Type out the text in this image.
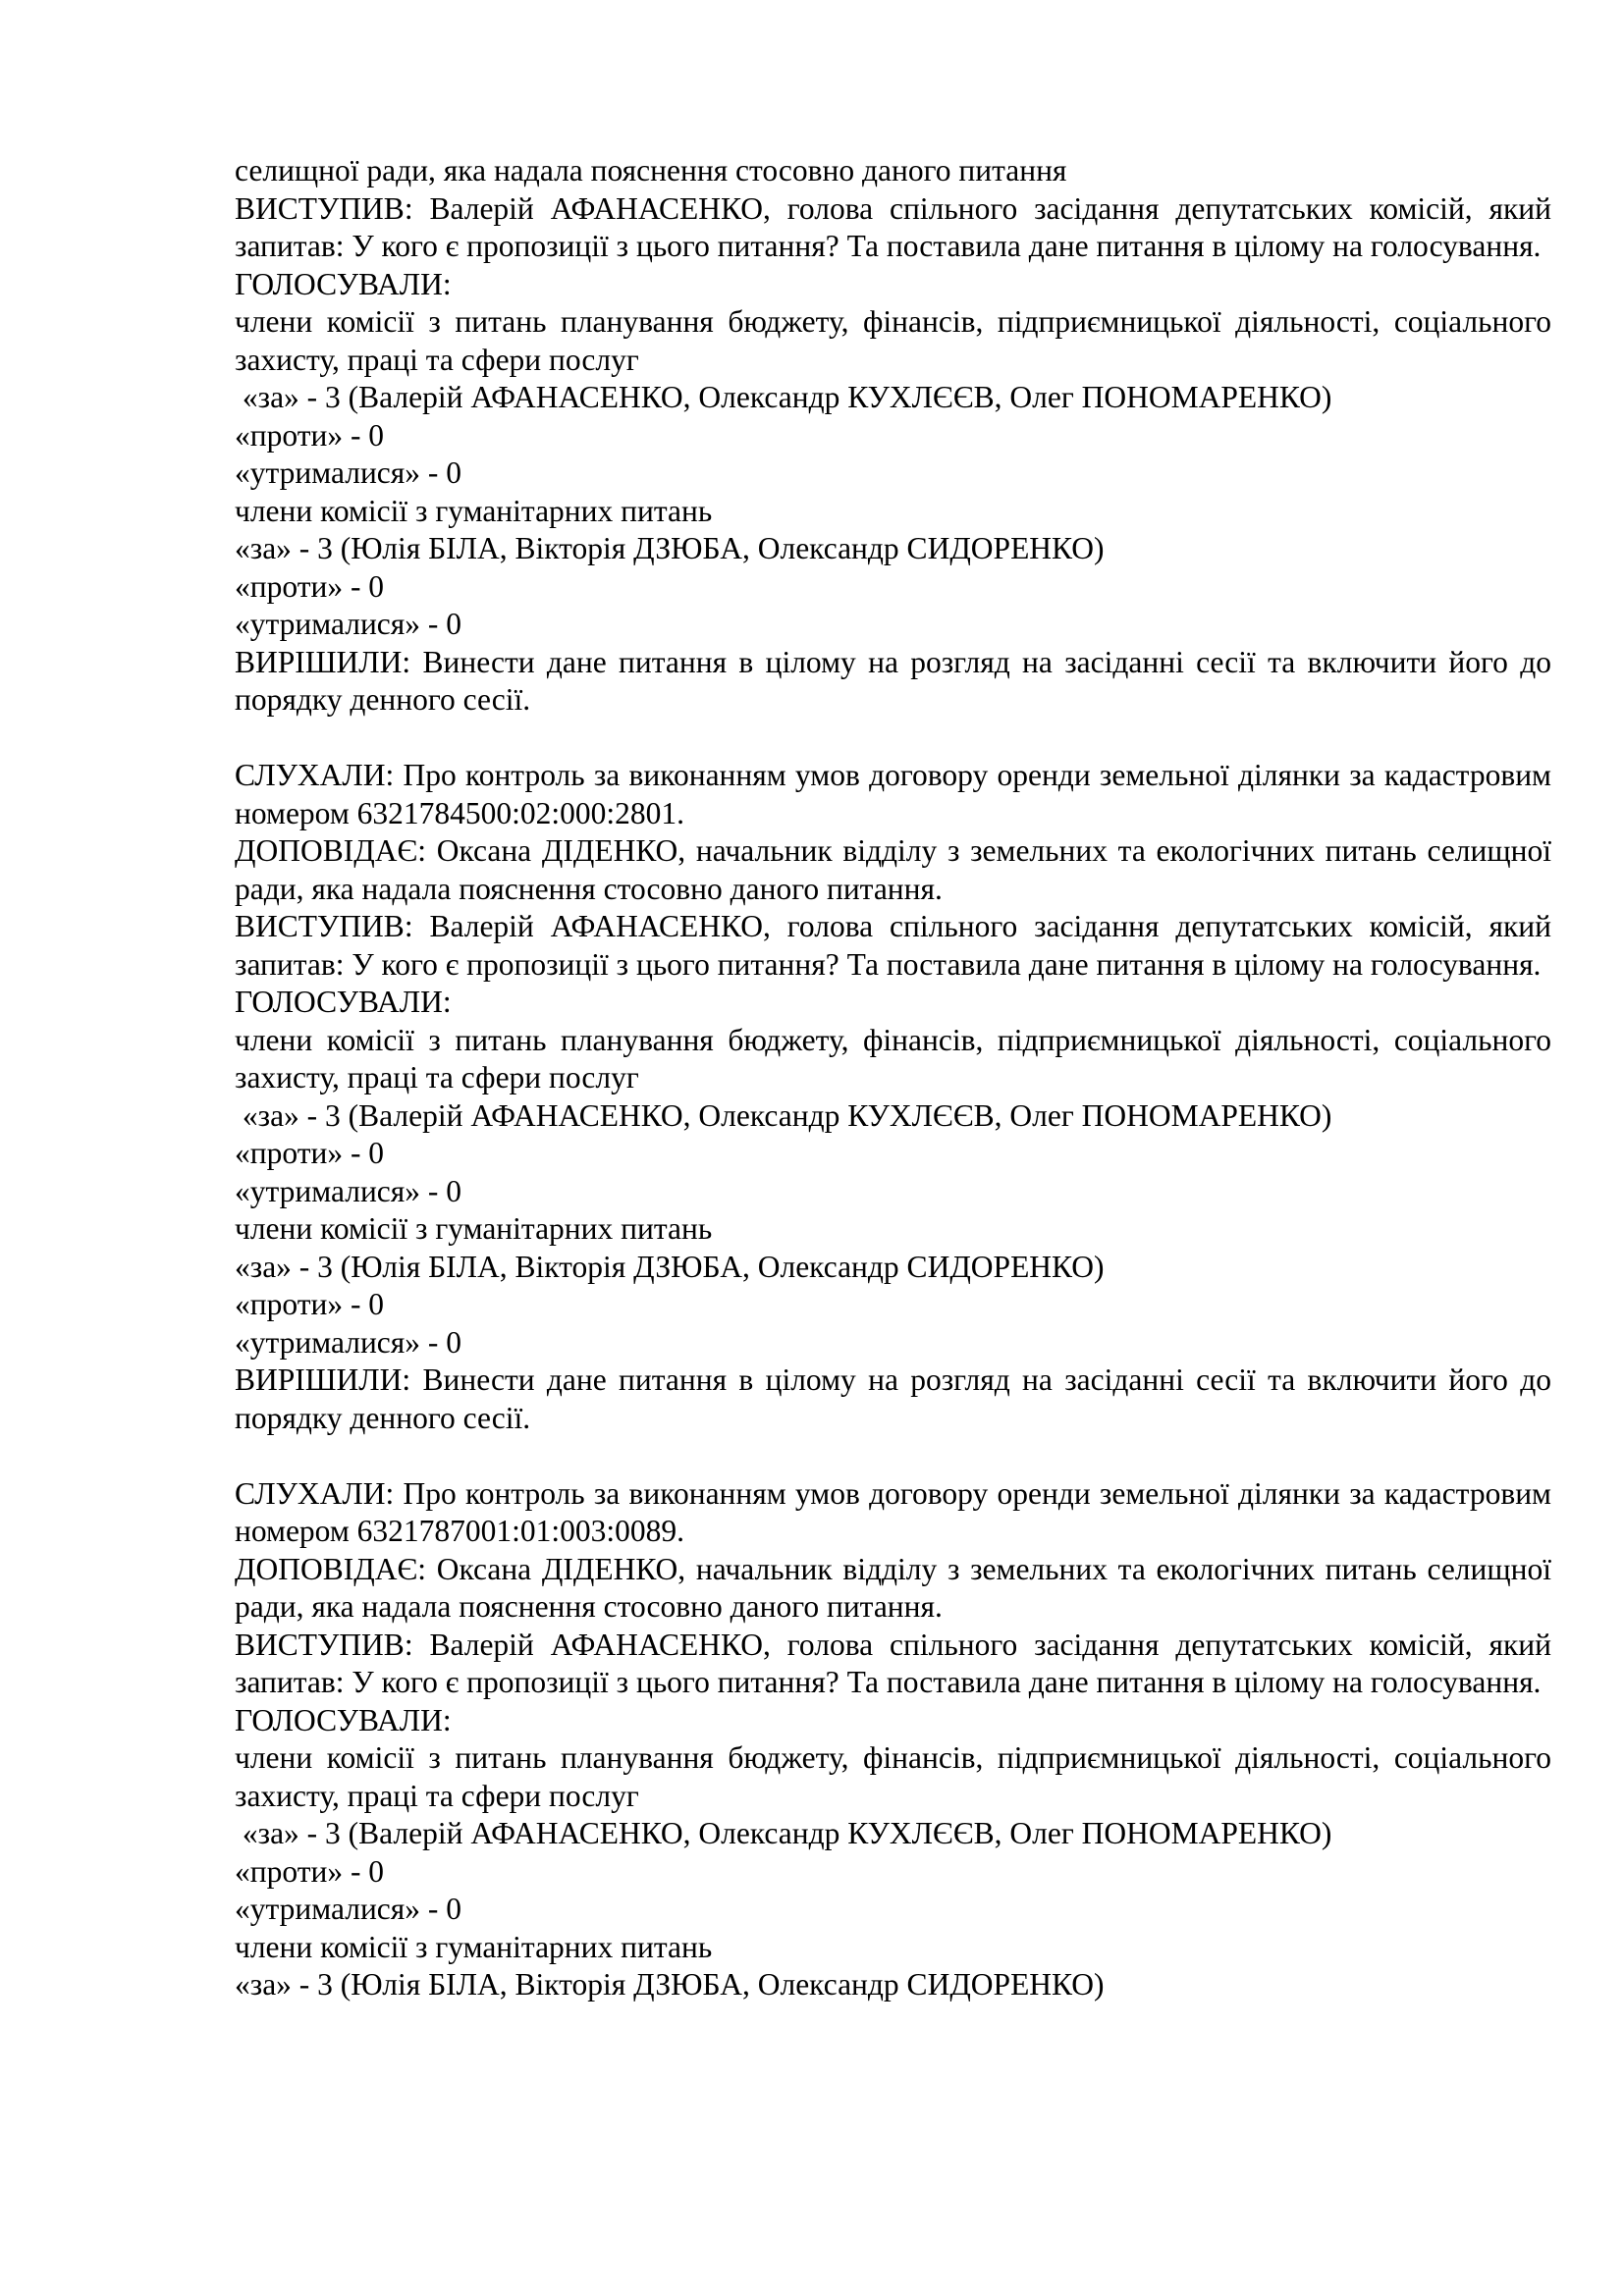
селищної ради, яка надала пояснення стосовно даного питання

ВИСТУПИВ: Валерій АФАНАСЕНКО, голова спільного засідання депутатських комісій, який запитав: У кого є пропозиції з цього питання? Та поставила дане питання в цілому на голосування.

ГОЛОСУВАЛИ:

члени комісії з питань планування бюджету, фінансів, підприємницької діяльності, соціального захисту, праці та сфери послуг

«за» - 3 (Валерій АФАНАСЕНКО, Олександр КУХЛЄЄВ, Олег ПОНОМАРЕНКО)

«проти» - 0

«утрималися» - 0

члени комісії з гуманітарних питань

«за» - 3 (Юлія БІЛА, Вікторія ДЗЮБА, Олександр СИДОРЕНКО)

«проти» - 0

«утрималися» - 0

ВИРІШИЛИ: Винести дане питання в цілому на розгляд на засіданні сесії та включити його до порядку денного сесії.

СЛУХАЛИ: Про контроль за виконанням умов договору оренди земельної ділянки за кадастровим номером 6321784500:02:000:2801.

ДОПОВІДАЄ: Оксана ДІДЕНКО, начальник відділу з земельних та екологічних питань селищної ради, яка надала пояснення стосовно даного питання.

ВИСТУПИВ: Валерій АФАНАСЕНКО, голова спільного засідання депутатських комісій, який запитав: У кого є пропозиції з цього питання? Та поставила дане питання в цілому на голосування.

ГОЛОСУВАЛИ:

члени комісії з питань планування бюджету, фінансів, підприємницької діяльності, соціального захисту, праці та сфери послуг

«за» - 3 (Валерій АФАНАСЕНКО, Олександр КУХЛЄЄВ, Олег ПОНОМАРЕНКО)

«проти» - 0

«утрималися» - 0

члени комісії з гуманітарних питань

«за» - 3 (Юлія БІЛА, Вікторія ДЗЮБА, Олександр СИДОРЕНКО)

«проти» - 0

«утрималися» - 0

ВИРІШИЛИ: Винести дане питання в цілому на розгляд на засіданні сесії та включити його до порядку денного сесії.

СЛУХАЛИ: Про контроль за виконанням умов договору оренди земельної ділянки за кадастровим номером 6321787001:01:003:0089.

ДОПОВІДАЄ: Оксана ДІДЕНКО, начальник відділу з земельних та екологічних питань селищної ради, яка надала пояснення стосовно даного питання.

ВИСТУПИВ: Валерій АФАНАСЕНКО, голова спільного засідання депутатських комісій, який запитав: У кого є пропозиції з цього питання? Та поставила дане питання в цілому на голосування.

ГОЛОСУВАЛИ:

члени комісії з питань планування бюджету, фінансів, підприємницької діяльності, соціального захисту, праці та сфери послуг

«за» - 3 (Валерій АФАНАСЕНКО, Олександр КУХЛЄЄВ, Олег ПОНОМАРЕНКО)

«проти» - 0

«утрималися» - 0

члени комісії з гуманітарних питань

«за» - 3 (Юлія БІЛА, Вікторія ДЗЮБА, Олександр СИДОРЕНКО)
